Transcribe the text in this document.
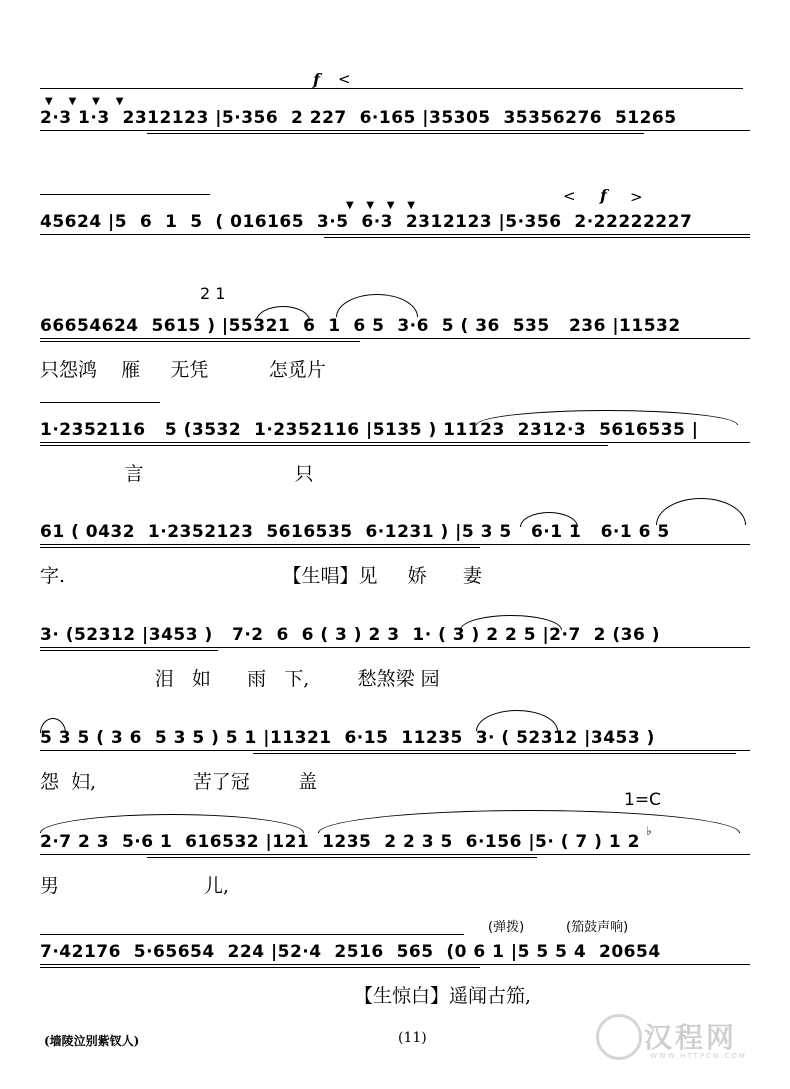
f <
▼     ▼     ▼     ▼
2·3 1·3  2312123 |5·356  2 227  6·165 |35305  35356276  51265
▼    ▼    ▼    ▼
< f >
45624 |5  6  1  5  ( 016165  3·5  6·3  2312123 |5·356  2·22222227
2 1
66654624  5615 ) |55321  6  1  6 5  3·6  5 ( 36  535   236 |11532
只怨鸿    雁     无凭          怎觅片
1·2352116   5 (3532  1·2352116 |5135 ) 11123  2312·3  5616535 |
言                         只
61 ( 0432  1·2352123  5616535  6·1231 ) |5 3 5   6·1 1   6·1 6 5
字.                                    【生唱】见     娇      妻
3· (52312 |3453 )   7·2  6  6 ( 3 ) 2 3  1· ( 3 ) 2 2 5 |2·7  2 (36 )
泪   如      雨   下,        愁煞梁 园
5 3 5 ( 3 6  5 3 5 ) 5 1 |11321  6·15  11235  3· ( 52312 |3453 )
怨  妇,                苦了冠        盖
1=C
♭
2·7 2 3  5·6 1  616532 |121  1235  2 2 3 5  6·156 |5· ( 7 ) 1 2
男                        儿,
(弹拨)	(笳鼓声响)
7·42176  5·65654  224 |52·4  2516  565  (0 6 1 |5 5 5 4  20654
【生惊白】遥闻古笳,
(墙陵泣别紫钗人)	(11)	汉程网
WWW.HTTPCN.COM
